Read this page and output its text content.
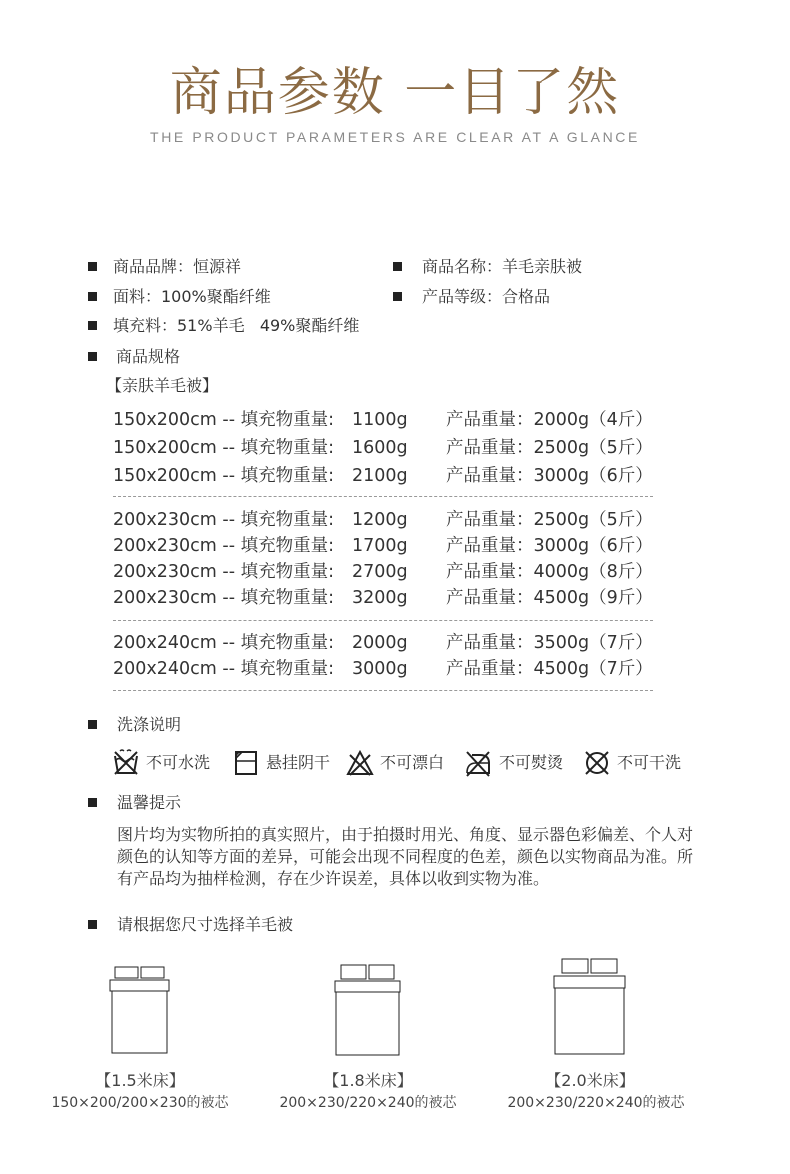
商品参数 一目了然
THE PRODUCT PARAMETERS ARE CLEAR AT A GLANCE
商品品牌：恒源祥	商品名称：羊毛亲肤被
面料：100%聚酯纤维	产品等级：合格品
填充料：51%羊毛   49%聚酯纤维
商品规格
【亲肤羊毛被】
150x200cm -- 填充物重量: 1100g 产品重量：2000g（4斤）
150x200cm -- 填充物重量: 1600g 产品重量：2500g（5斤）
150x200cm -- 填充物重量: 2100g 产品重量：3000g（6斤）
200x230cm -- 填充物重量: 1200g 产品重量：2500g（5斤）
200x230cm -- 填充物重量: 1700g 产品重量：3000g（6斤）
200x230cm -- 填充物重量: 2700g 产品重量：4000g（8斤）
200x230cm -- 填充物重量: 3200g 产品重量：4500g（9斤）
200x240cm -- 填充物重量: 2000g 产品重量：3500g（7斤）
200x240cm -- 填充物重量: 3000g 产品重量：4500g（7斤）
洗涤说明
不可水洗	悬挂阴干	不可漂白	不可熨烫	不可干洗
温馨提示
图片均为实物所拍的真实照片，由于拍摄时用光、角度、显示器色彩偏差、个人对颜色的认知等方面的差异，可能会出现不同程度的色差，颜色以实物商品为准。所有产品均为抽样检测，存在少许误差，具体以收到实物为准。
请根据您尺寸选择羊毛被
【1.5米床】
150×200/200×230的被芯
【1.8米床】
200×230/220×240的被芯
【2.0米床】
200×230/220×240的被芯
